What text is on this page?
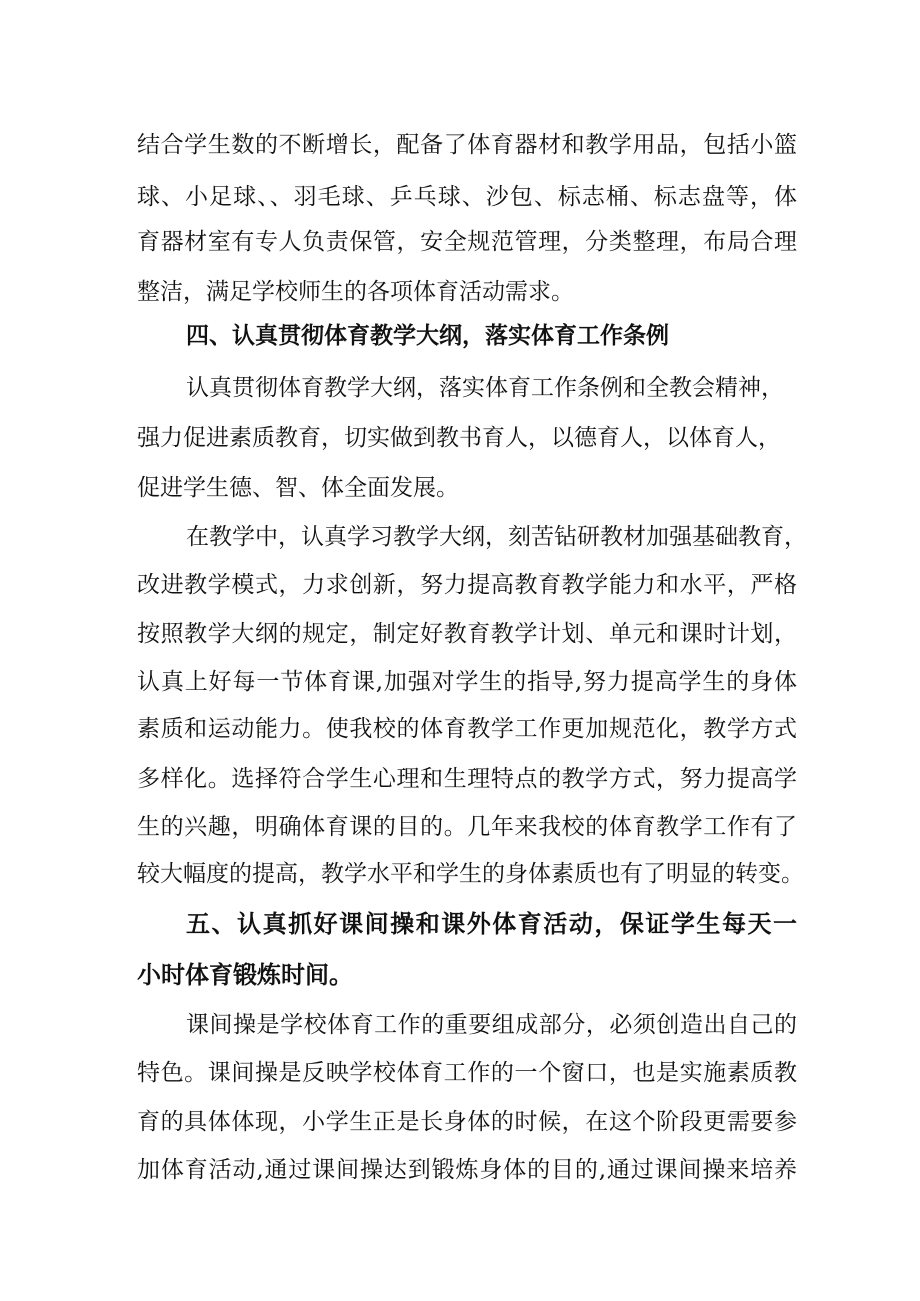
结合学生数的不断增长，配备了体育器材和教学用品，包括小篮
球、小足球、、羽毛球、乒乓球、沙包、标志桶、标志盘等，体
育器材室有专人负责保管，安全规范管理，分类整理，布局合理
整洁，满足学校师生的各项体育活动需求。
四、认真贯彻体育教学大纲，落实体育工作条例
认真贯彻体育教学大纲，落实体育工作条例和全教会精神，
强力促进素质教育，切实做到教书育人，以德育人，以体育人，
促进学生德、智、体全面发展。
在教学中，认真学习教学大纲，刻苦钻研教材加强基础教育，
改进教学模式，力求创新，努力提高教育教学能力和水平，严格
按照教学大纲的规定，制定好教育教学计划、单元和课时计划，
认真上好每一节体育课,加强对学生的指导,努力提高学生的身体
素质和运动能力。使我校的体育教学工作更加规范化，教学方式
多样化。选择符合学生心理和生理特点的教学方式，努力提高学
生的兴趣，明确体育课的目的。几年来我校的体育教学工作有了
较大幅度的提高，教学水平和学生的身体素质也有了明显的转变。
五、认真抓好课间操和课外体育活动，保证学生每天一
小时体育锻炼时间。
课间操是学校体育工作的重要组成部分，必须创造出自己的
特色。课间操是反映学校体育工作的一个窗口，也是实施素质教
育的具体体现，小学生正是长身体的时候，在这个阶段更需要参
加体育活动,通过课间操达到锻炼身体的目的,通过课间操来培养
